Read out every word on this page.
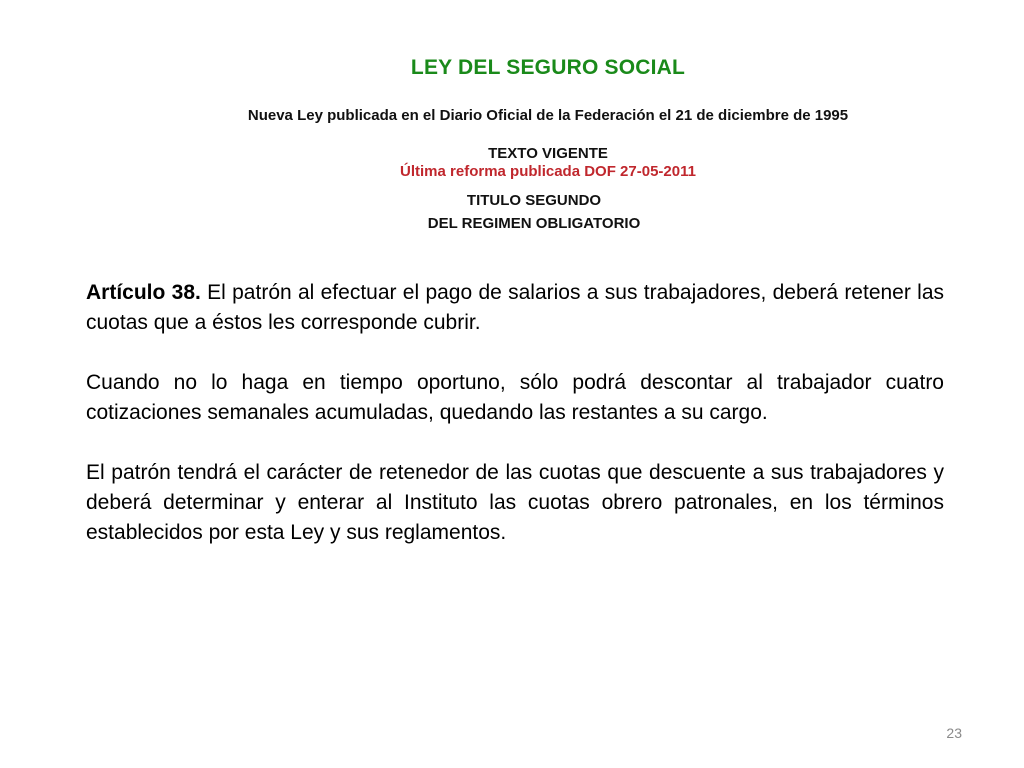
LEY DEL SEGURO SOCIAL
Nueva Ley publicada en el Diario Oficial de la Federación el 21 de diciembre de 1995
TEXTO VIGENTE
Última reforma publicada DOF 27-05-2011
TITULO SEGUNDO
DEL REGIMEN OBLIGATORIO

Artículo 38. El patrón al efectuar el pago de salarios a sus trabajadores, deberá retener las cuotas que a éstos les corresponde cubrir.

Cuando no lo haga en tiempo oportuno, sólo podrá descontar al trabajador cuatro cotizaciones semanales acumuladas, quedando las restantes a su cargo.

El patrón tendrá el carácter de retenedor de las cuotas que descuente a sus trabajadores y deberá determinar y enterar al Instituto las cuotas obrero patronales, en los términos establecidos por esta Ley y sus reglamentos.

23
